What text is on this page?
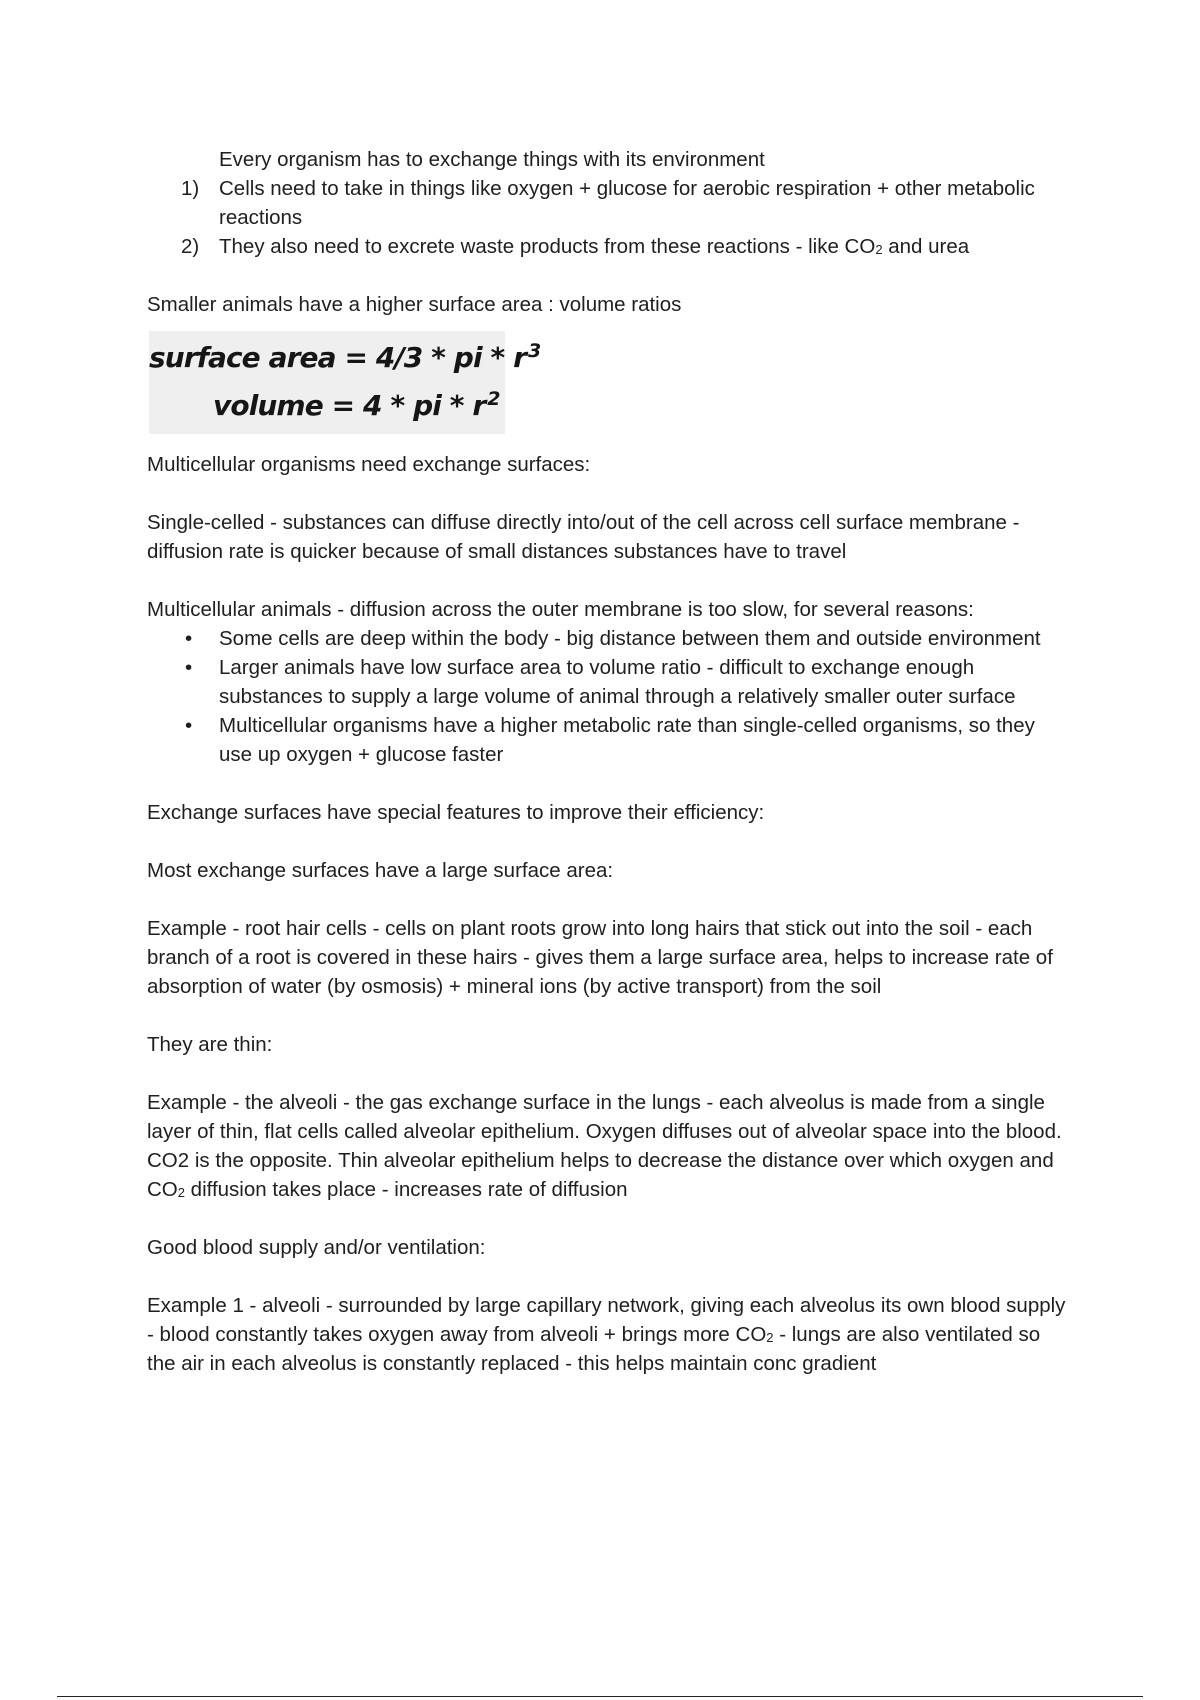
Every organism has to exchange things with its environment

1) Cells need to take in things like oxygen + glucose for aerobic respiration + other metabolic reactions
2) They also need to excrete waste products from these reactions - like $CO_2$ and urea

Smaller animals have a higher surface area : volume ratios

surface area = 4/3 * pi * r $^3$
volume = 4 * pi * r $^2$

Multicellular organisms need exchange surfaces:

Single-celled - substances can diffuse directly into/out of the cell across cell surface membrane - diffusion rate is quicker because of small distances substances have to travel

Multicellular animals - diffusion across the outer membrane is too slow, for several reasons:

• Some cells are deep within the body - big distance between them and outside environment
• Larger animals have low surface area to volume ratio - difficult to exchange enough substances to supply a large volume of animal through a relatively smaller outer surface
• Multicellular organisms have a higher metabolic rate than single-celled organisms, so they use up oxygen + glucose faster

Exchange surfaces have special features to improve their efficiency:

Most exchange surfaces have a large surface area:

Example - root hair cells - cells on plant roots grow into long hairs that stick out into the soil - each branch of a root is covered in these hairs - gives them a large surface area, helps to increase rate of absorption of water (by osmosis) + mineral ions (by active transport) from the soil

They are thin:

Example - the alveoli - the gas exchange surface in the lungs - each alveolus is made from a single layer of thin, flat cells called alveolar epithelium. Oxygen diffuses out of alveolar space into the blood. CO2 is the opposite. Thin alveolar epithelium helps to decrease the distance over which oxygen and $CO_2$ diffusion takes place - increases rate of diffusion

Good blood supply and/or ventilation:

Example 1 - alveoli - surrounded by large capillary network, giving each alveolus its own blood supply - blood constantly takes oxygen away from alveoli + brings more $CO_2$ - lungs are also ventilated so the air in each alveolus is constantly replaced - this helps maintain conc gradient
